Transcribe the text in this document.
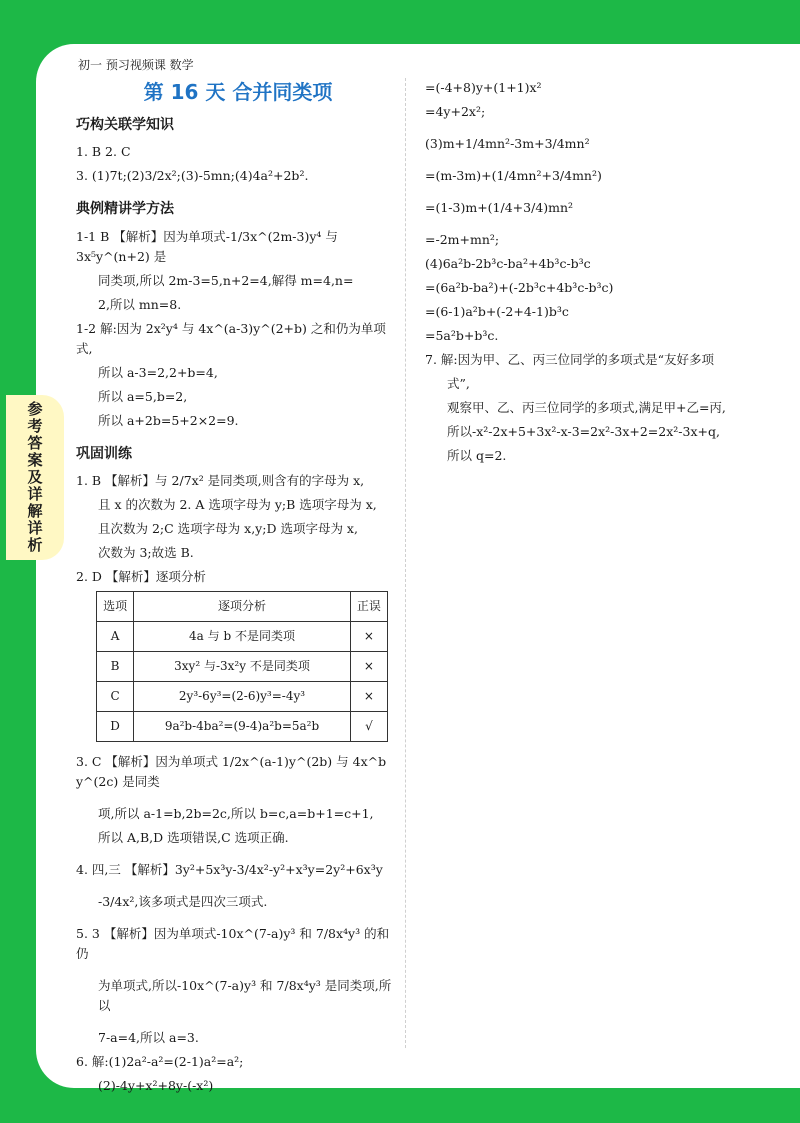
参考答案及详解详析
初一 预习视频课 数学
第 16 天 合并同类项
巧构关联学知识
1. B 2. C
3. (1)7t;(2)3/2x²;(3)-5mn;(4)4a²+2b².
典例精讲学方法
1-1 B 【解析】因为单项式-1/3x^(2m-3)y⁴ 与 3x⁵y^(n+2) 是
同类项,所以 2m-3=5,n+2=4,解得 m=4,n=
2,所以 mn=8.
1-2 解:因为 2x²y⁴ 与 4x^(a-3)y^(2+b) 之和仍为单项式,
所以 a-3=2,2+b=4,
所以 a=5,b=2,
所以 a+2b=5+2×2=9.
巩固训练
1. B 【解析】与 2/7x² 是同类项,则含有的字母为 x,
且 x 的次数为 2. A 选项字母为 y;B 选项字母为 x,
且次数为 2;C 选项字母为 x,y;D 选项字母为 x,
次数为 3;故选 B.
2. D 【解析】逐项分析
选项	逐项分析	正误
A	4a 与 b 不是同类项	×
B	3xy² 与-3x²y 不是同类项	×
C	2y³-6y³=(2-6)y³=-4y³	×
D	9a²b-4ba²=(9-4)a²b=5a²b	√
3. C 【解析】因为单项式 1/2x^(a-1)y^(2b) 与 4x^b y^(2c) 是同类
项,所以 a-1=b,2b=2c,所以 b=c,a=b+1=c+1,
所以 A,B,D 选项错误,C 选项正确.
4. 四,三 【解析】3y²+5x³y-3/4x²-y²+x³y=2y²+6x³y
-3/4x²,该多项式是四次三项式.
5. 3 【解析】因为单项式-10x^(7-a)y³ 和 7/8x⁴y³ 的和仍
为单项式,所以-10x^(7-a)y³ 和 7/8x⁴y³ 是同类项,所以
7-a=4,所以 a=3.
6. 解:(1)2a²-a²=(2-1)a²=a²;
(2)-4y+x²+8y-(-x²)
=(-4+8)y+(1+1)x²
=4y+2x²;
(3)m+1/4mn²-3m+3/4mn²
=(m-3m)+(1/4mn²+3/4mn²)
=(1-3)m+(1/4+3/4)mn²
=-2m+mn²;
(4)6a²b-2b³c-ba²+4b³c-b³c
=(6a²b-ba²)+(-2b³c+4b³c-b³c)
=(6-1)a²b+(-2+4-1)b³c
=5a²b+b³c.
7. 解:因为甲、乙、丙三位同学的多项式是“友好多项
式”,
观察甲、乙、丙三位同学的多项式,满足甲+乙=丙,
所以-x²-2x+5+3x²-x-3=2x²-3x+2=2x²-3x+q,
所以 q=2.
